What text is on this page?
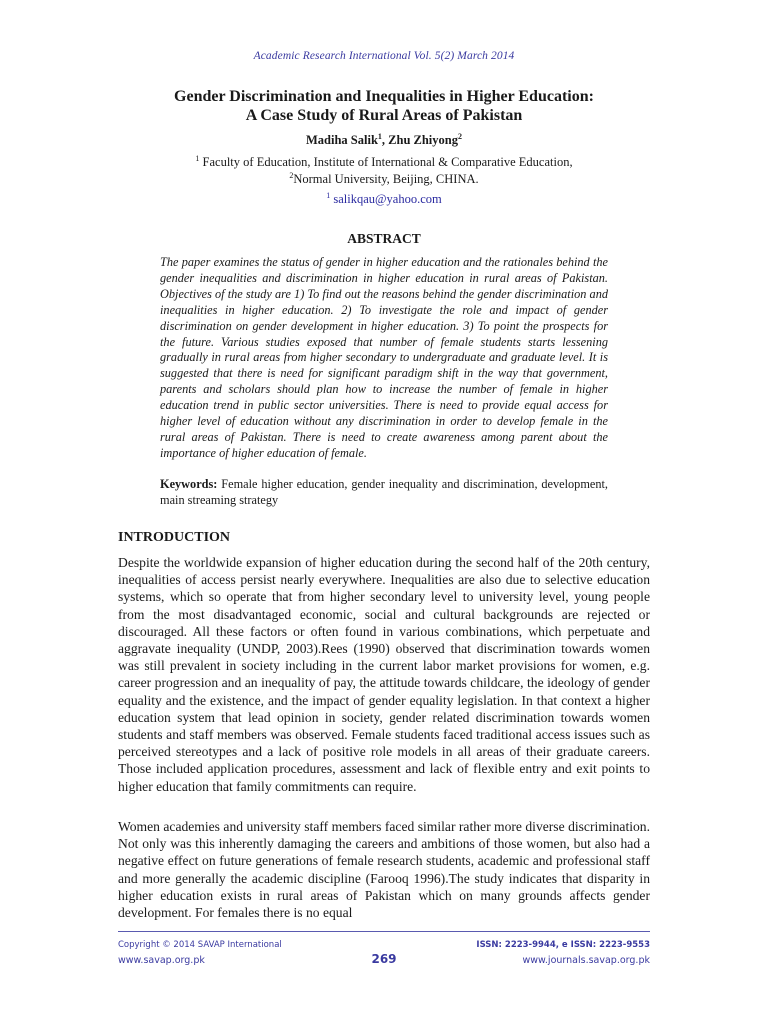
Academic Research International Vol. 5(2) March 2014
Gender Discrimination and Inequalities in Higher Education:
A Case Study of Rural Areas of Pakistan
Madiha Salik$^1$, Zhu Zhiyong$^2$
$^1$ Faculty of Education, Institute of International & Comparative Education,
$^2$Normal University, Beijing, CHINA.
$^1$ salikqau@yahoo.com
ABSTRACT
The paper examines the status of gender in higher education and the rationales behind the gender inequalities and discrimination in higher education in rural areas of Pakistan. Objectives of the study are 1) To find out the reasons behind the gender discrimination and inequalities in higher education. 2) To investigate the role and impact of gender discrimination on gender development in higher education. 3) To point the prospects for the future. Various studies exposed that number of female students starts lessening gradually in rural areas from higher secondary to undergraduate and graduate level. It is suggested that there is need for significant paradigm shift in the way that government, parents and scholars should plan how to increase the number of female in higher education trend in public sector universities. There is need to provide equal access for higher level of education without any discrimination in order to develop female in the rural areas of Pakistan. There is need to create awareness among parent about the importance of higher education of female.
Keywords: Female higher education, gender inequality and discrimination, development, main streaming strategy
INTRODUCTION
Despite the worldwide expansion of higher education during the second half of the 20th century, inequalities of access persist nearly everywhere. Inequalities are also due to selective education systems, which so operate that from higher secondary level to university level, young people from the most disadvantaged economic, social and cultural backgrounds are rejected or discouraged. All these factors or often found in various combinations, which perpetuate and aggravate inequality (UNDP, 2003).Rees (1990) observed that discrimination towards women was still prevalent in society including in the current labor market provisions for women, e.g. career progression and an inequality of pay, the attitude towards childcare, the ideology of gender equality and the existence, and the impact of gender equality legislation. In that context a higher education system that lead opinion in society, gender related discrimination towards women students and staff members was observed. Female students faced traditional access issues such as perceived stereotypes and a lack of positive role models in all areas of their graduate careers. Those included application procedures, assessment and lack of flexible entry and exit points to higher education that family commitments can require.
Women academies and university staff members faced similar rather more diverse discrimination. Not only was this inherently damaging the careers and ambitions of those women, but also had a negative effect on future generations of female research students, academic and professional staff and more generally the academic discipline (Farooq 1996).The study indicates that disparity in higher education exists in rural areas of Pakistan which on many grounds affects gender development. For females there is no equal
Copyright © 2014 SAVAP International	ISSN: 2223-9944, e ISSN: 2223-9553
www.savap.org.pk	269	www.journals.savap.org.pk
